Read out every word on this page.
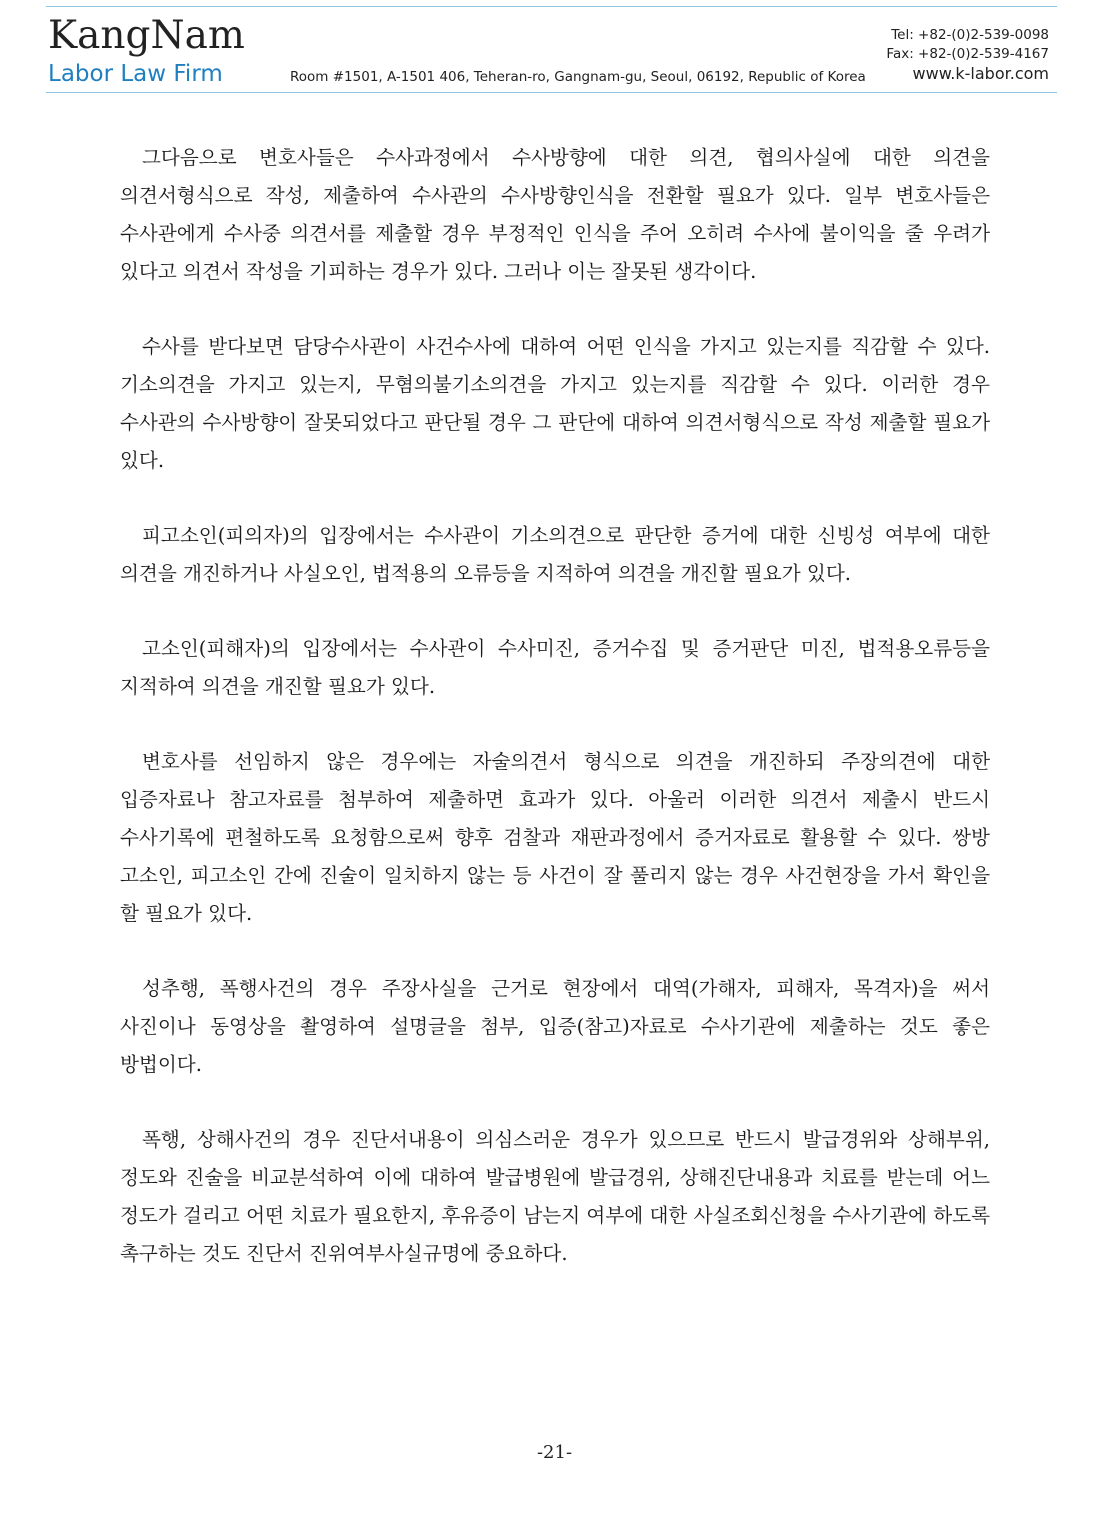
KangNam
Labor Law Firm	Room #1501, A-1501 406, Teheran-ro, Gangnam-gu, Seoul, 06192, Republic of Korea
Tel: +82-(0)2-539-0098
Fax: +82-(0)2-539-4167
www.k-labor.com

그다음으로 변호사들은 수사과정에서 수사방향에 대한 의견, 협의사실에 대한 의견을 의견서형식으로 작성, 제출하여 수사관의 수사방향인식을 전환할 필요가 있다. 일부 변호사들은 수사관에게 수사중 의견서를 제출할 경우 부정적인 인식을 주어 오히려 수사에 불이익을 줄 우려가 있다고 의견서 작성을 기피하는 경우가 있다. 그러나 이는 잘못된 생각이다.

수사를 받다보면 담당수사관이 사건수사에 대하여 어떤 인식을 가지고 있는지를 직감할 수 있다. 기소의견을 가지고 있는지, 무혐의불기소의견을 가지고 있는지를 직감할 수 있다. 이러한 경우 수사관의 수사방향이 잘못되었다고 판단될 경우 그 판단에 대하여 의견서형식으로 작성 제출할 필요가 있다.

피고소인(피의자)의 입장에서는 수사관이 기소의견으로 판단한 증거에 대한 신빙성 여부에 대한 의견을 개진하거나 사실오인, 법적용의 오류등을 지적하여 의견을 개진할 필요가 있다.

고소인(피해자)의 입장에서는 수사관이 수사미진, 증거수집 및 증거판단 미진, 법적용오류등을 지적하여 의견을 개진할 필요가 있다.

변호사를 선임하지 않은 경우에는 자술의견서 형식으로 의견을 개진하되 주장의견에 대한 입증자료나 참고자료를 첨부하여 제출하면 효과가 있다. 아울러 이러한 의견서 제출시 반드시 수사기록에 편철하도록 요청함으로써 향후 검찰과 재판과정에서 증거자료로 활용할 수 있다. 쌍방 고소인, 피고소인 간에 진술이 일치하지 않는 등 사건이 잘 풀리지 않는 경우 사건현장을 가서 확인을 할 필요가 있다.

성추행, 폭행사건의 경우 주장사실을 근거로 현장에서 대역(가해자, 피해자, 목격자)을 써서 사진이나 동영상을 촬영하여 설명글을 첨부, 입증(참고)자료로 수사기관에 제출하는 것도 좋은 방법이다.

폭행, 상해사건의 경우 진단서내용이 의심스러운 경우가 있으므로 반드시 발급경위와 상해부위, 정도와 진술을 비교분석하여 이에 대하여 발급병원에 발급경위, 상해진단내용과 치료를 받는데 어느 정도가 걸리고 어떤 치료가 필요한지, 후유증이 남는지 여부에 대한 사실조회신청을 수사기관에 하도록 촉구하는 것도 진단서 진위여부사실규명에 중요하다.

-21-
